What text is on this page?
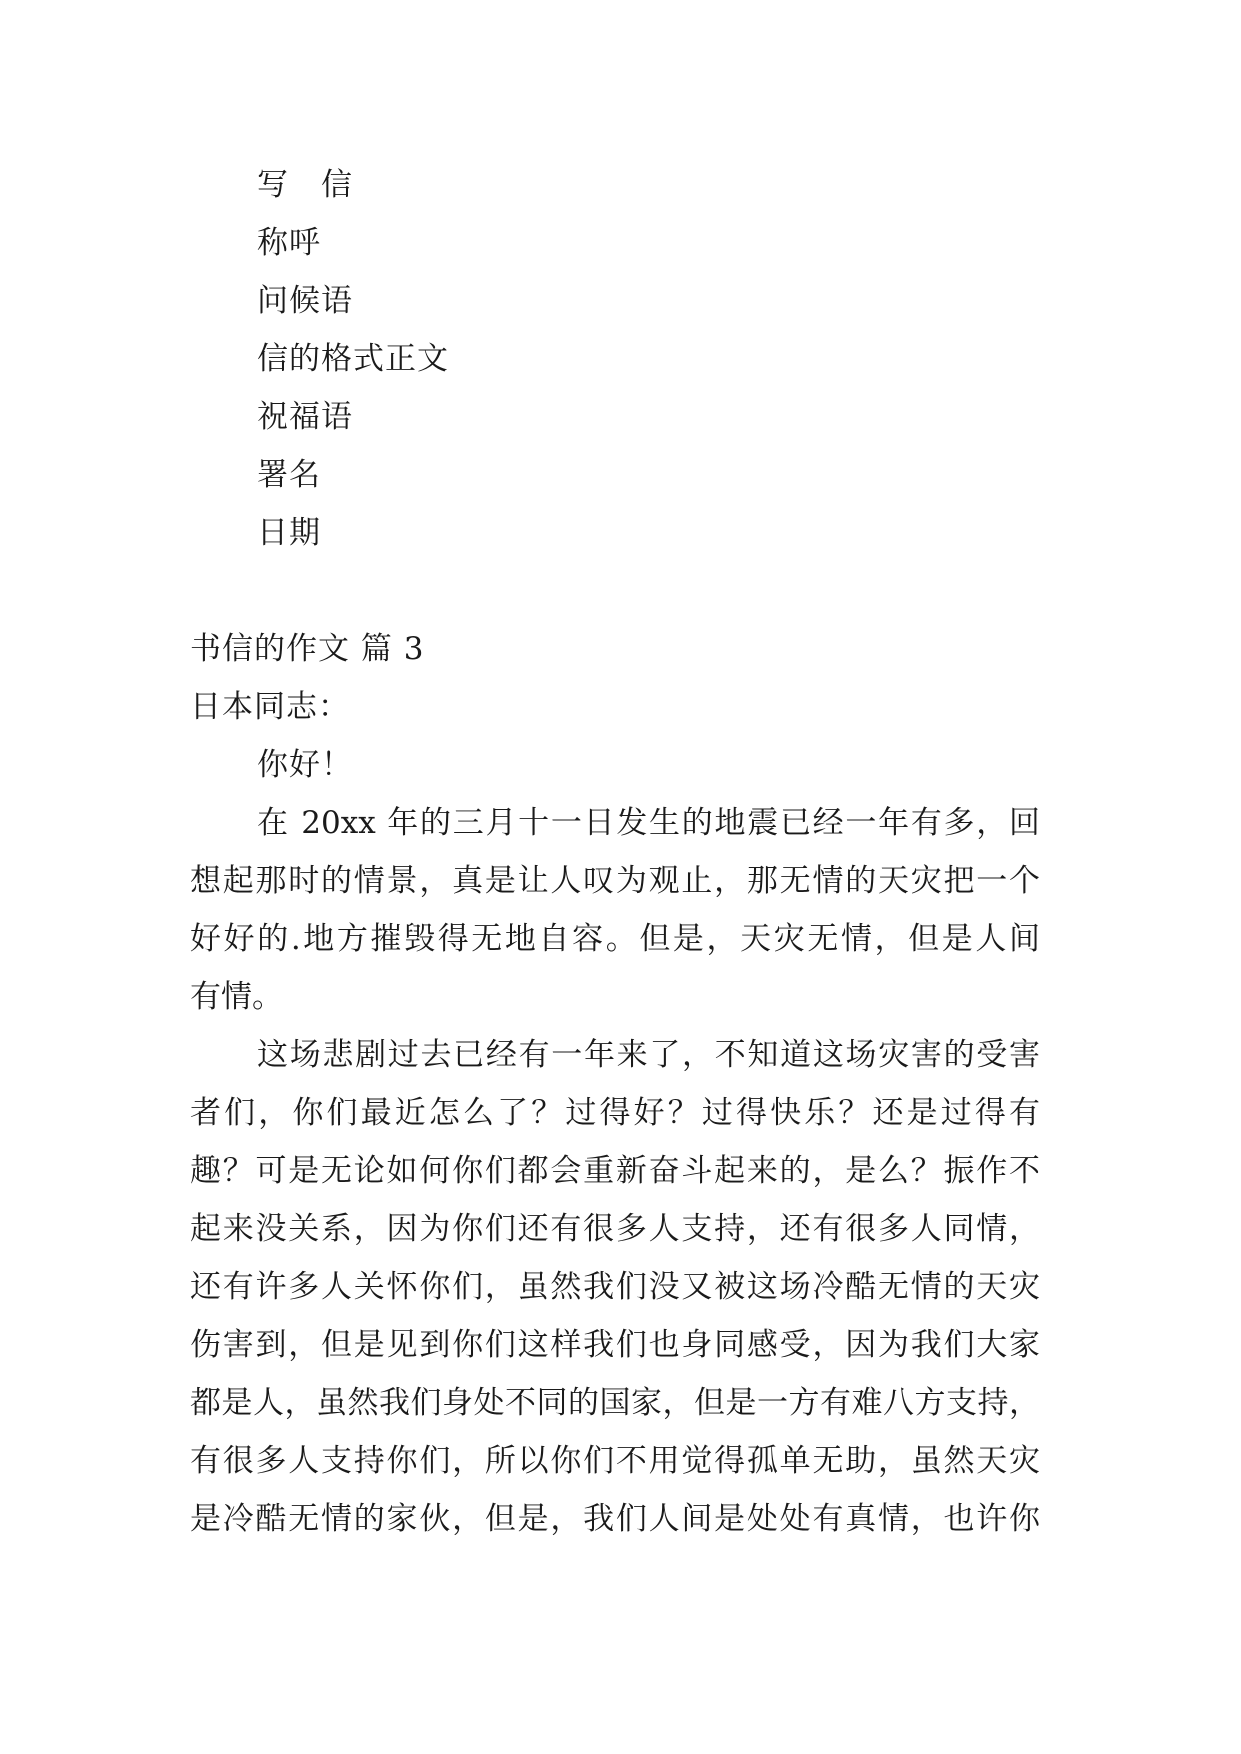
写　信
称呼
问候语
信的格式正文
祝福语
署名
日期
书信的作文 篇 3
日本同志：
你好！
在 20xx 年的三月十一日发生的地震已经一年有多，回
想起那时的情景，真是让人叹为观止，那无情的天灾把一个
好好的.地方摧毁得无地自容。但是，天灾无情，但是人间
有情。
这场悲剧过去已经有一年来了，不知道这场灾害的受害
者们，你们最近怎么了？过得好？过得快乐？还是过得有
趣？可是无论如何你们都会重新奋斗起来的，是么？振作不
起来没关系，因为你们还有很多人支持，还有很多人同情，
还有许多人关怀你们，虽然我们没又被这场冷酷无情的天灾
伤害到，但是见到你们这样我们也身同感受，因为我们大家
都是人，虽然我们身处不同的国家，但是一方有难八方支持，
有很多人支持你们，所以你们不用觉得孤单无助，虽然天灾
是冷酷无情的家伙，但是，我们人间是处处有真情，也许你
